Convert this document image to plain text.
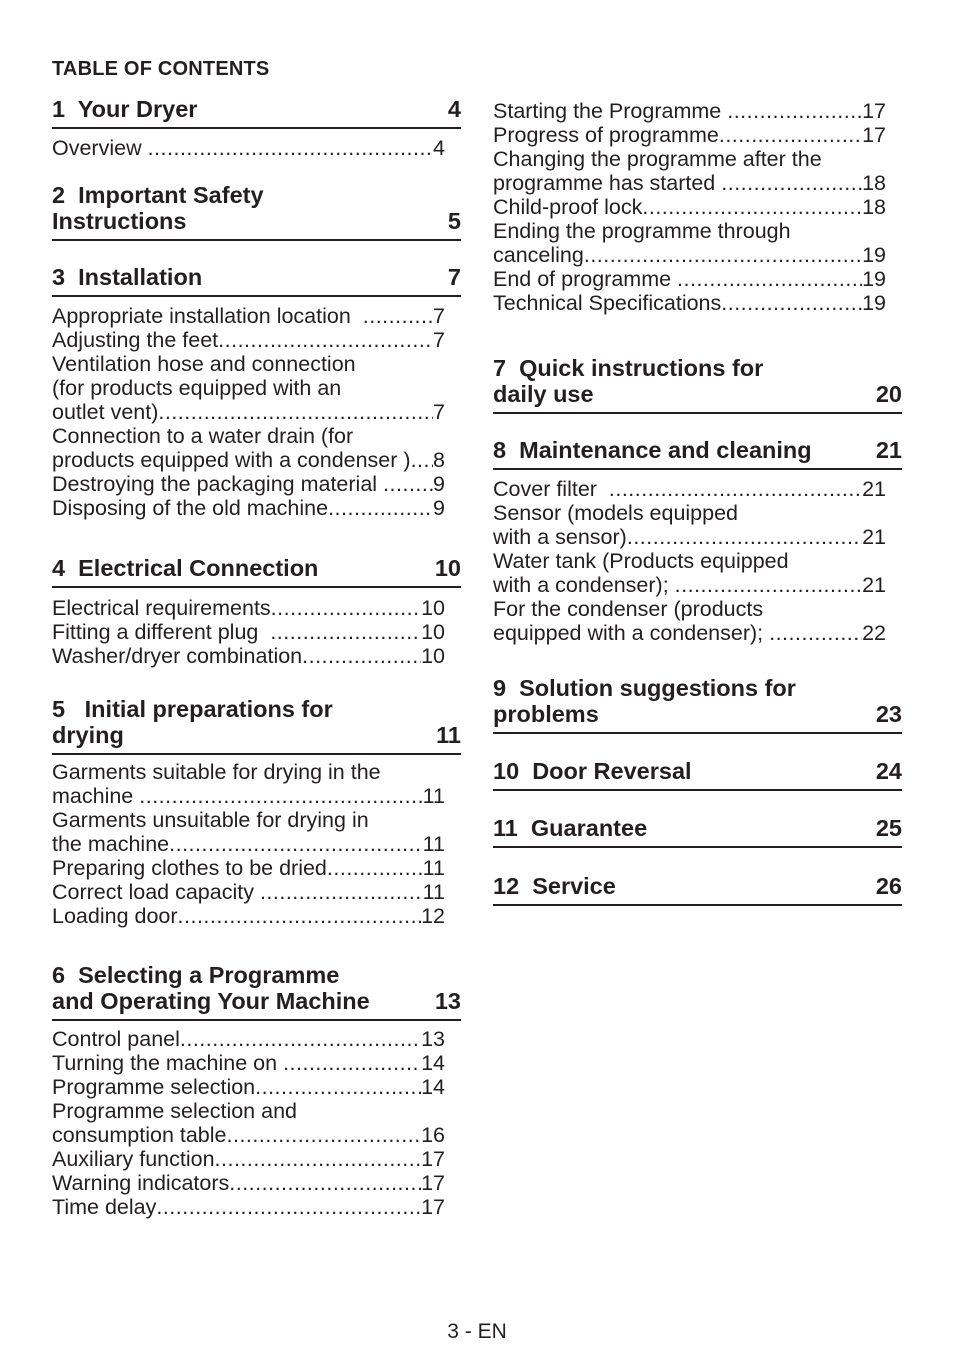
TABLE OF CONTENTS
1  Your Dryer	4
Overview .....	4
2  Important Safety
Instructions	5
3  Installation	7
Appropriate installation location .....	7
Adjusting the feet .....	7
Ventilation hose and connection
(for products equipped with an
outlet vent) .....	7
Connection to a water drain (for
products equipped with a condenser ) ..... 8
Destroying the packaging material ..... 9
Disposing of the old machine .....	9
4  Electrical Connection	10
Electrical requirements .....	10
Fitting a different plug .....	10
Washer/dryer combination .....	10
5   Initial preparations for
drying	11
Garments suitable for drying in the
machine .....	11
Garments unsuitable for drying in
the machine .....	11
Preparing clothes to be dried .....	11
Correct load capacity .....	11
Loading door .....	12
6  Selecting a Programme
and Operating Your Machine	13
Control panel .....	13
Turning the machine on .....	14
Programme selection .....	14
Programme selection and
consumption table .....	16
Auxiliary function .....	17
Warning indicators .....	17
Time delay .....	17
Starting the Programme .....	17
Progress of programme .....	17
Changing the programme after the
programme has started .....	18
Child-proof lock .....	18
Ending the programme through
canceling .....	19
End of programme .....	19
Technical Specifications .....	19
7  Quick instructions for
daily use	20
8  Maintenance and cleaning	21
Cover filter .....	21
Sensor (models equipped
with a sensor) .....	21
Water tank (Products equipped
with a condenser); .....	21
For the condenser (products
equipped with a condenser); .....	22
9  Solution suggestions for
problems	23
10  Door Reversal	24
11  Guarantee	25
12  Service	26
3 - EN
